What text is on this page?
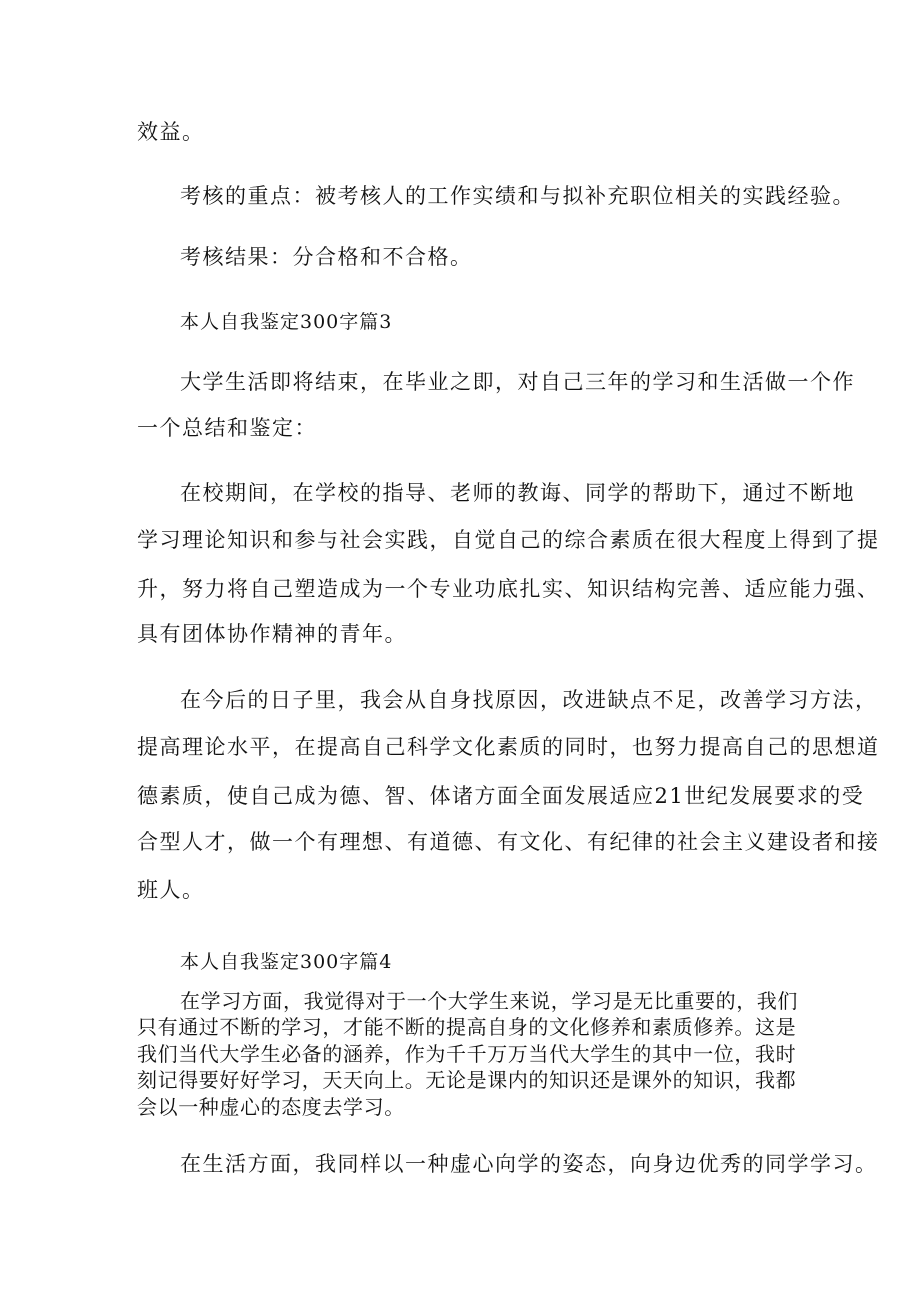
效益。
考核的重点：被考核人的工作实绩和与拟补充职位相关的实践经验。
考核结果：分合格和不合格。
本人自我鉴定300字篇3
大学生活即将结束，在毕业之即，对自己三年的学习和生活做一个作
一个总结和鉴定：
在校期间，在学校的指导、老师的教诲、同学的帮助下，通过不断地
学习理论知识和参与社会实践，自觉自己的综合素质在很大程度上得到了提
升，努力将自己塑造成为一个专业功底扎实、知识结构完善、适应能力强、
具有团体协作精神的青年。
在今后的日子里，我会从自身找原因，改进缺点不足，改善学习方法，
提高理论水平，在提高自己科学文化素质的同时，也努力提高自己的思想道
德素质，使自己成为德、智、体诸方面全面发展适应21世纪发展要求的受
合型人才，做一个有理想、有道德、有文化、有纪律的社会主义建设者和接
班人。
本人自我鉴定300字篇4
在学习方面，我觉得对于一个大学生来说，学习是无比重要的，我们
只有通过不断的学习，才能不断的提高自身的文化修养和素质修养。这是
我们当代大学生必备的涵养，作为千千万万当代大学生的其中一位，我时
刻记得要好好学习，天天向上。无论是课内的知识还是课外的知识，我都
会以一种虚心的态度去学习。
在生活方面，我同样以一种虚心向学的姿态，向身边优秀的同学学习。
